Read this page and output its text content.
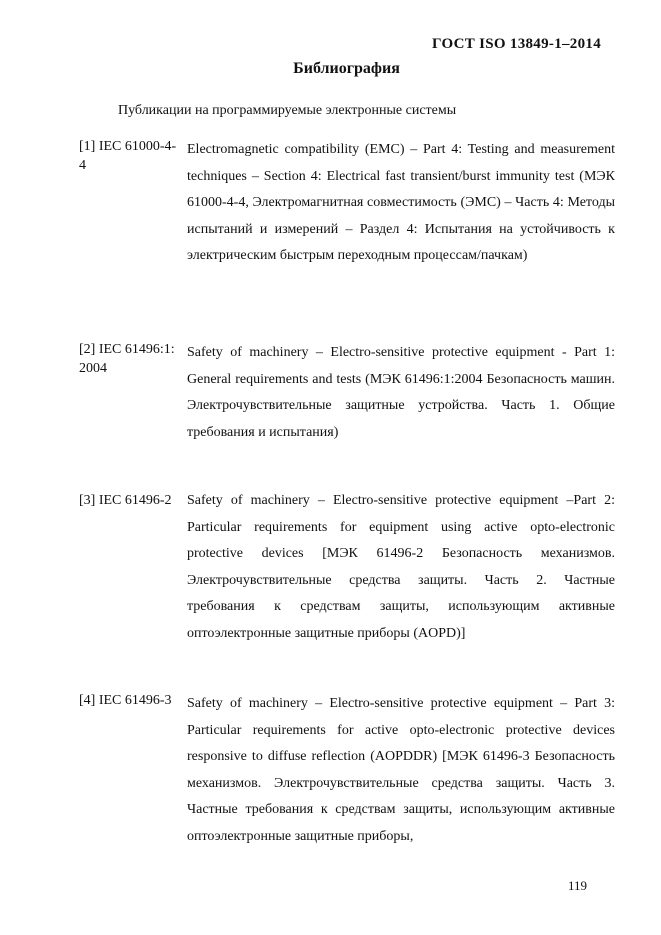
ГОСТ ISO 13849-1–2014
Библиография
Публикации на программируемые электронные системы
[1] IEC 61000-4-4
Electromagnetic compatibility (EMC) – Part 4: Testing and measurement techniques – Section 4: Electrical fast transient/burst immunity test (МЭК 61000-4-4, Электромагнитная совместимость (ЭМС) – Часть 4: Методы испытаний и измерений – Раздел 4: Испытания на устойчивость к электрическим быстрым переходным процессам/пачкам)
[2] IEC 61496:1:2004
Safety of machinery – Electro-sensitive protective equipment - Part 1: General requirements and tests (МЭК 61496:1:2004 Безопасность машин. Электрочувствительные защитные устройства. Часть 1. Общие требования и испытания)
[3] IEC 61496-2	Safety of machinery – Electro-sensitive protective equipment –Part 2: Particular requirements for equipment using active opto-electronic protective devices [МЭК 61496-2 Безопасность механизмов. Электрочувствительные средства защиты. Часть 2. Частные требования к средствам защиты, использующим активные оптоэлектронные защитные приборы (AOPD)]
[4] IEC 61496-3	Safety of machinery – Electro-sensitive protective equipment – Part 3: Particular requirements for active opto-electronic protective devices responsive to diffuse reflection (AOPDDR) [МЭК 61496-3 Безопасность механизмов. Электрочувствительные средства защиты. Часть 3. Частные требования к средствам защиты, использующим активные оптоэлектронные защитные приборы,
119
